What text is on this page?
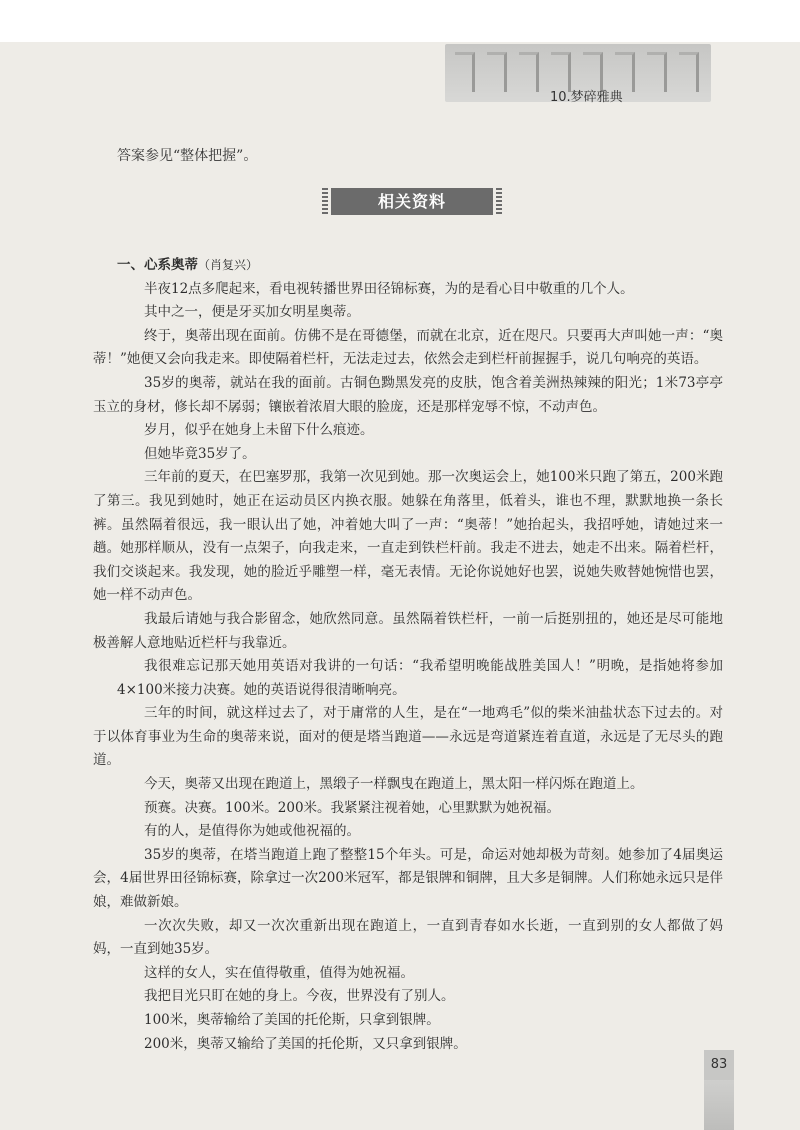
10.梦碎雅典
答案参见“整体把握”。
相关资料
一、心系奥蒂（肖复兴）

半夜12点多爬起来，看电视转播世界田径锦标赛，为的是看心目中敬重的几个人。

其中之一，便是牙买加女明星奥蒂。

终于，奥蒂出现在面前。仿佛不是在哥德堡，而就在北京，近在咫尺。只要再大声叫她一声：“奥蒂！”她便又会向我走来。即使隔着栏杆，无法走过去，依然会走到栏杆前握握手，说几句响亮的英语。

35岁的奥蒂，就站在我的面前。古铜色黝黑发亮的皮肤，饱含着美洲热辣辣的阳光；1米73亭亭玉立的身材，修长却不孱弱；镶嵌着浓眉大眼的脸庞，还是那样宠辱不惊，不动声色。

岁月，似乎在她身上未留下什么痕迹。

但她毕竟35岁了。

三年前的夏天，在巴塞罗那，我第一次见到她。那一次奥运会上，她100米只跑了第五，200米跑了第三。我见到她时，她正在运动员区内换衣服。她躲在角落里，低着头，谁也不理，默默地换一条长裤。虽然隔着很远，我一眼认出了她，冲着她大叫了一声：“奥蒂！”她抬起头，我招呼她，请她过来一趟。她那样顺从，没有一点架子，向我走来，一直走到铁栏杆前。我走不进去，她走不出来。隔着栏杆，我们交谈起来。我发现，她的脸近乎雕塑一样，毫无表情。无论你说她好也罢，说她失败替她惋惜也罢，她一样不动声色。

我最后请她与我合影留念，她欣然同意。虽然隔着铁栏杆，一前一后挺别扭的，她还是尽可能地极善解人意地贴近栏杆与我靠近。

我很难忘记那天她用英语对我讲的一句话：“我希望明晚能战胜美国人！”明晚，是指她将参加4×100米接力决赛。她的英语说得很清晰响亮。

三年的时间，就这样过去了，对于庸常的人生，是在“一地鸡毛”似的柴米油盐状态下过去的。对于以体育事业为生命的奥蒂来说，面对的便是塔当跑道——永远是弯道紧连着直道，永远是了无尽头的跑道。

今天，奥蒂又出现在跑道上，黑缎子一样飘曳在跑道上，黑太阳一样闪烁在跑道上。

预赛。决赛。100米。200米。我紧紧注视着她，心里默默为她祝福。

有的人，是值得你为她或他祝福的。

35岁的奥蒂，在塔当跑道上跑了整整15个年头。可是，命运对她却极为苛刻。她参加了4届奥运会，4届世界田径锦标赛，除拿过一次200米冠军，都是银牌和铜牌，且大多是铜牌。人们称她永远只是伴娘，难做新娘。

一次次失败，却又一次次重新出现在跑道上，一直到青春如水长逝，一直到别的女人都做了妈妈，一直到她35岁。

这样的女人，实在值得敬重，值得为她祝福。

我把目光只盯在她的身上。今夜，世界没有了别人。

100米，奥蒂输给了美国的托伦斯，只拿到银牌。

200米，奥蒂又输给了美国的托伦斯，又只拿到银牌。

83
